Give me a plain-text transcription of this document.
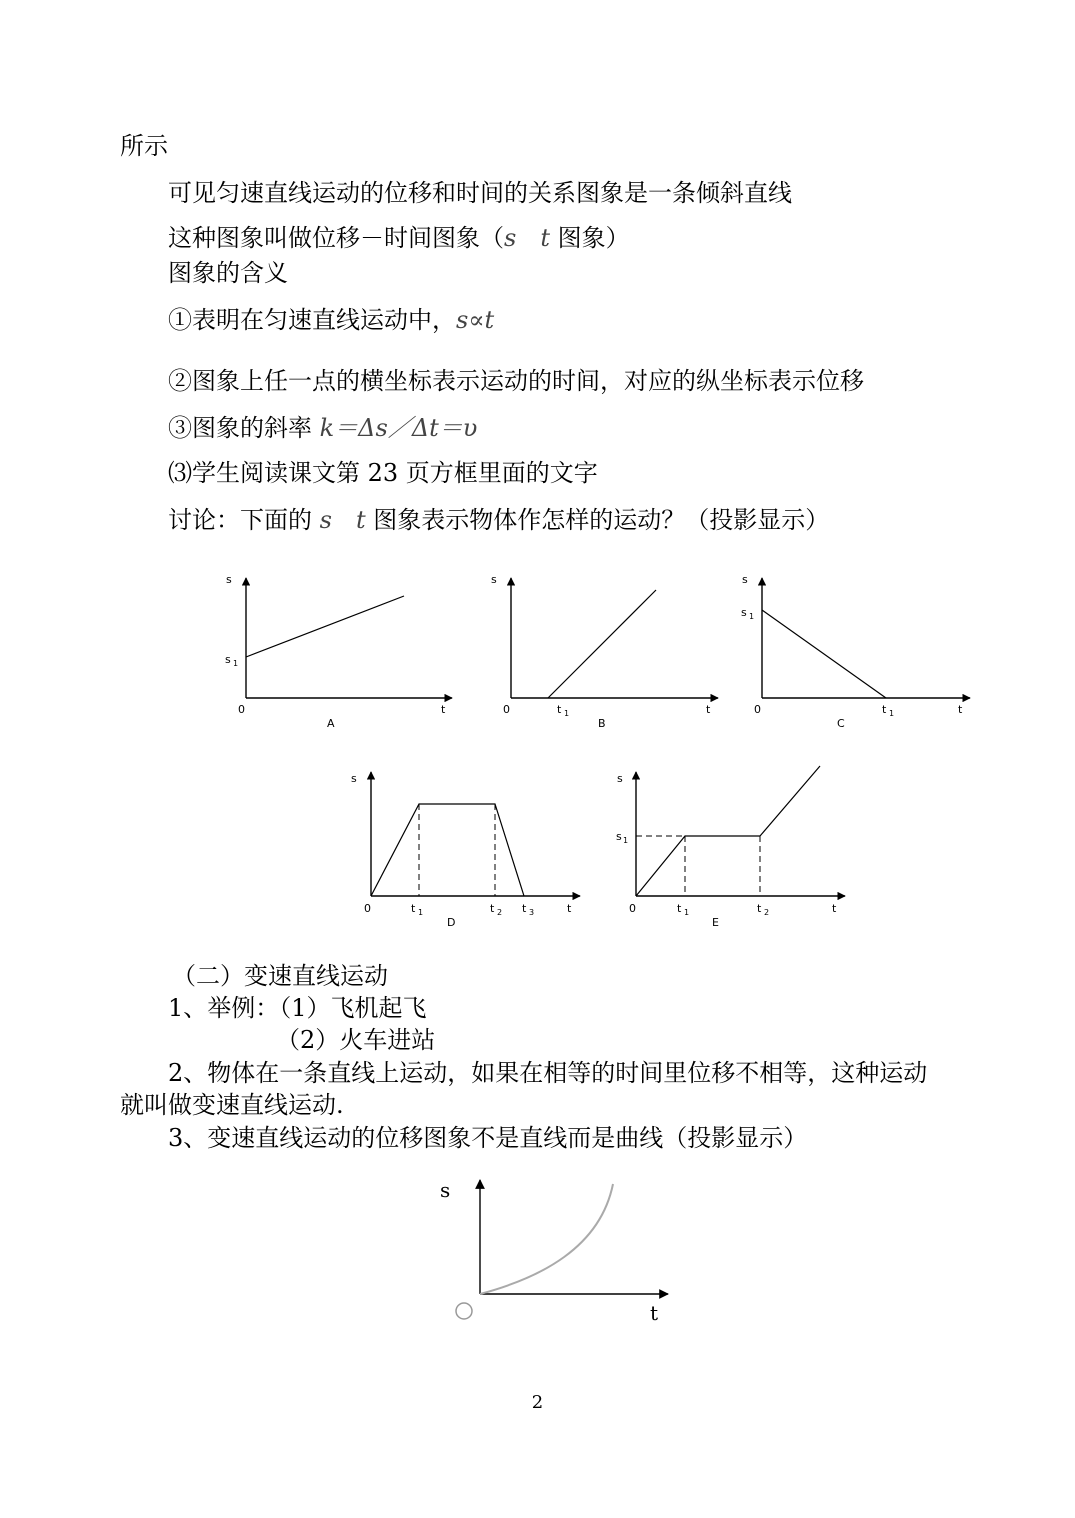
所示
可见匀速直线运动的位移和时间的关系图象是一条倾斜直线
这种图象叫做位移－时间图象（s　t 图象）
图象的含义
①表明在匀速直线运动中，s∝t
②图象上任一点的横坐标表示运动的时间，对应的纵坐标表示位移
③图象的斜率 k＝Δs／Δt＝υ
⑶学生阅读课文第 23 页方框里面的文字
讨论：下面的 s　t 图象表示物体作怎样的运动？（投影显示）
s
s 1
0	t
A
s
0	t 1	t
B
s
s 1
0	t 1	t
C
s
0	t 1	t 2 t 3	t
D
s
s 1
0	t 1	t 2	t
E
（二）变速直线运动
1、举例：（1）飞机起飞
（2）火车进站
2、物体在一条直线上运动，如果在相等的时间里位移不相等，这种运动
就叫做变速直线运动.
3、变速直线运动的位移图象不是直线而是曲线（投影显示）
s
t
2
